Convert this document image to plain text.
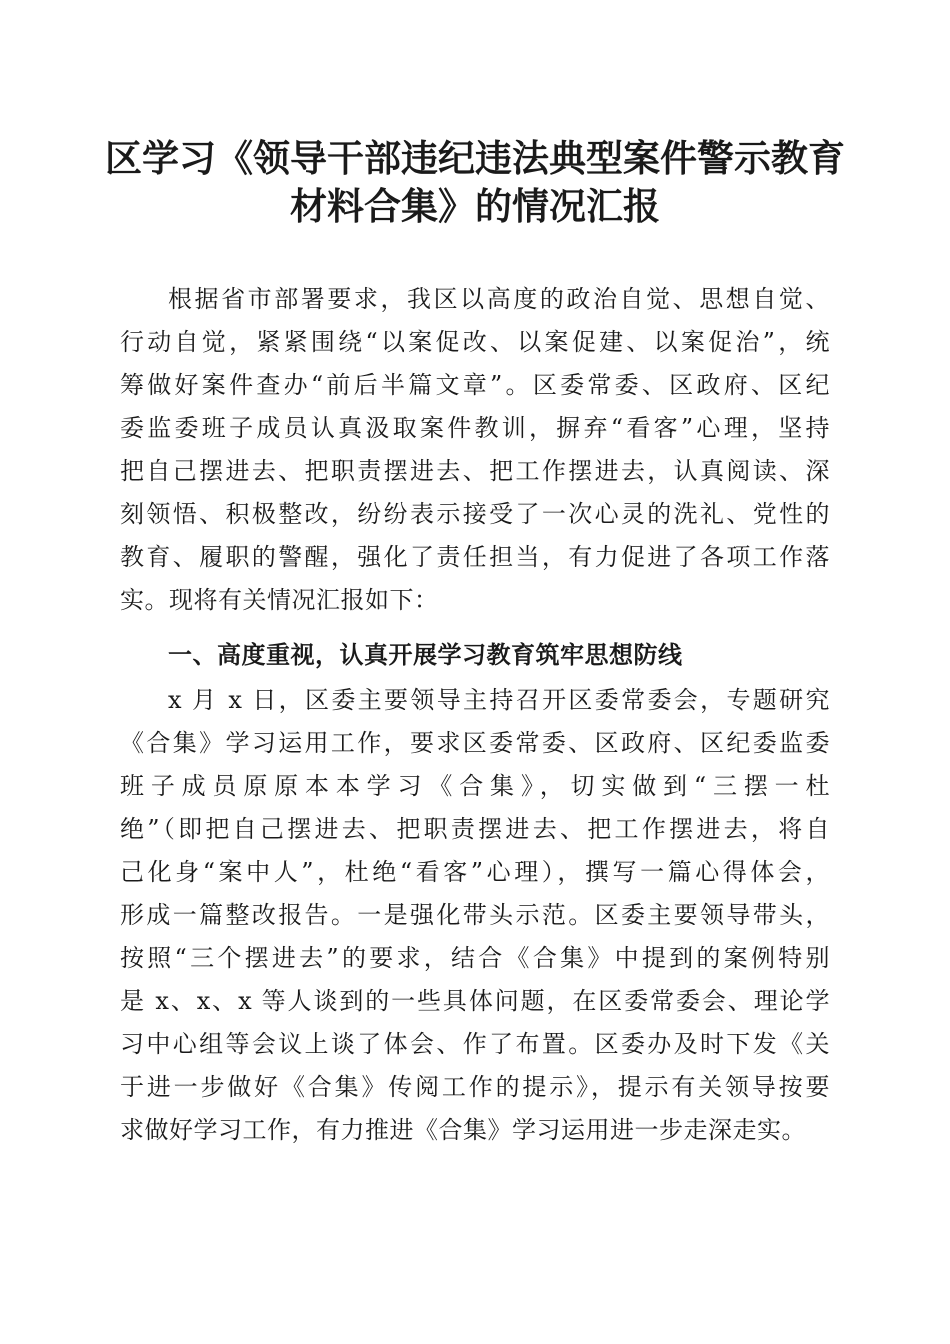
区学习《领导干部违纪违法典型案件警示教育
材料合集》的情况汇报
根据省市部署要求，我区以高度的政治自觉、思想自觉、
行动自觉，紧紧围绕“以案促改、以案促建、以案促治”，统
筹做好案件查办“前后半篇文章”。区委常委、区政府、区纪
委监委班子成员认真汲取案件教训，摒弃“看客”心理，坚持
把自己摆进去、把职责摆进去、把工作摆进去，认真阅读、深
刻领悟、积极整改，纷纷表示接受了一次心灵的洗礼、党性的
教育、履职的警醒，强化了责任担当，有力促进了各项工作落
实。现将有关情况汇报如下：
一、高度重视，认真开展学习教育筑牢思想防线
x 月 x 日，区委主要领导主持召开区委常委会，专题研究
《合集》学习运用工作，要求区委常委、区政府、区纪委监委
班子成员原原本本学习《合集》，切实做到“三摆一杜
绝”（即把自己摆进去、把职责摆进去、把工作摆进去，将自
己化身“案中人”，杜绝“看客”心理），撰写一篇心得体会，
形成一篇整改报告。一是强化带头示范。区委主要领导带头，
按照“三个摆进去”的要求，结合《合集》中提到的案例特别
是 x、x、x 等人谈到的一些具体问题，在区委常委会、理论学
习中心组等会议上谈了体会、作了布置。区委办及时下发《关
于进一步做好《合集》传阅工作的提示》，提示有关领导按要
求做好学习工作，有力推进《合集》学习运用进一步走深走实。
